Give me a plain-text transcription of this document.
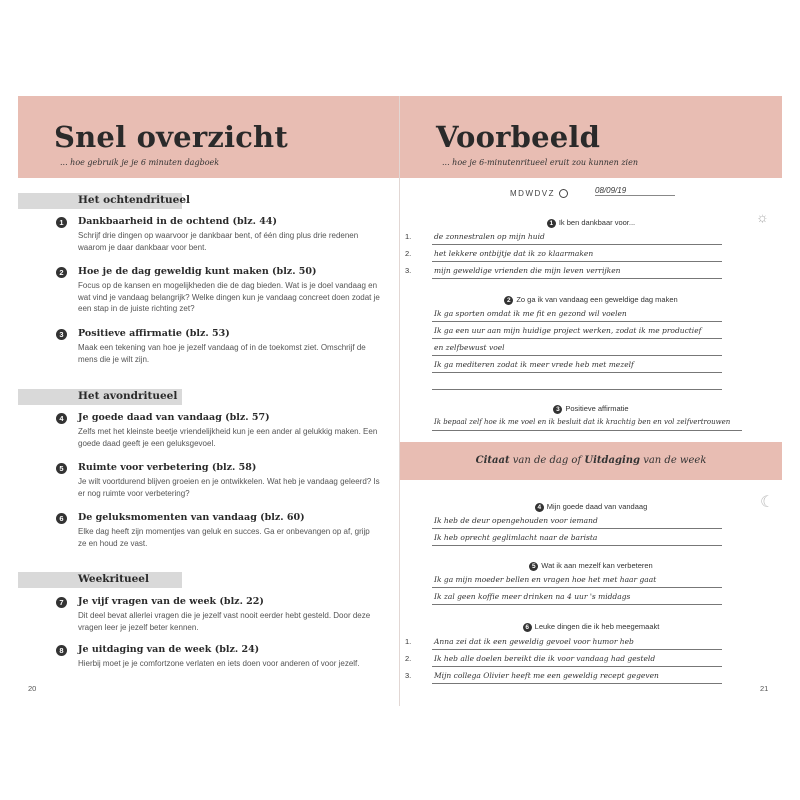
Snel overzicht
... hoe gebruik je je 6 minuten dagboek
Het ochtendritueel
1	Dankbaarheid in de ochtend (blz. 44)
Schrijf drie dingen op waarvoor je dankbaar bent, of één ding plus drie redenen waarom je daar dankbaar voor bent.
2	Hoe je de dag geweldig kunt maken (blz. 50)
Focus op de kansen en mogelijkheden die de dag bieden. Wat is je doel vandaag en wat vind je vandaag belangrijk? Welke dingen kun je vandaag concreet doen zodat je een stap in de juiste richting zet?
3	Positieve affirmatie (blz. 53)
Maak een tekening van hoe je jezelf vandaag of in de toekomst ziet. Omschrijf de mens die je wilt zijn.
Het avondritueel
4	Je goede daad van vandaag (blz. 57)
Zelfs met het kleinste beetje vriendelijkheid kun je een ander al gelukkig maken. Een goede daad geeft je een geluksgevoel.
5	Ruimte voor verbetering (blz. 58)
Je wilt voortdurend blijven groeien en je ontwikkelen. Wat heb je vandaag geleerd? Is er nog ruimte voor verbetering?
6	De geluksmomenten van vandaag (blz. 60)
Elke dag heeft zijn momentjes van geluk en succes. Ga er onbevangen op af, grijp ze en houd ze vast.
Weekritueel
7	Je vijf vragen van de week (blz. 22)
Dit deel bevat allerlei vragen die je jezelf vast nooit eerder hebt gesteld. Door deze vragen leer je jezelf beter kennen.
8	Je uitdaging van de week (blz. 24)
Hierbij moet je je comfortzone verlaten en iets doen voor anderen of voor jezelf.
20
Voorbeeld
... hoe je 6-minutenritueel eruit zou kunnen zien
MDWDVZ	08/09/19
☼
1 Ik ben dankbaar voor...
1.	de zonnestralen op mijn huid
2.	het lekkere ontbijtje dat ik zo klaarmaken
3.	mijn geweldige vrienden die mijn leven verrijken
2 Zo ga ik van vandaag een geweldige dag maken
Ik ga sporten omdat ik me fit en gezond wil voelen
Ik ga een uur aan mijn huidige project werken, zodat ik me productief
en zelfbewust voel
Ik ga mediteren zodat ik meer vrede heb met mezelf
3 Positieve affirmatie
Ik bepaal zelf hoe ik me voel en ik besluit dat ik krachtig ben en vol zelfvertrouwen
Citaat van de dag of Uitdaging van de week
☾
4 Mijn goede daad van vandaag
Ik heb de deur opengehouden voor iemand
Ik heb oprecht geglimlacht naar de barista
5 Wat ik aan mezelf kan verbeteren
Ik ga mijn moeder bellen en vragen hoe het met haar gaat
Ik zal geen koffie meer drinken na 4 uur 's middags
6 Leuke dingen die ik heb meegemaakt
1.	Anna zei dat ik een geweldig gevoel voor humor heb
2.	Ik heb alle doelen bereikt die ik voor vandaag had gesteld
3.	Mijn collega Olivier heeft me een geweldig recept gegeven
21
